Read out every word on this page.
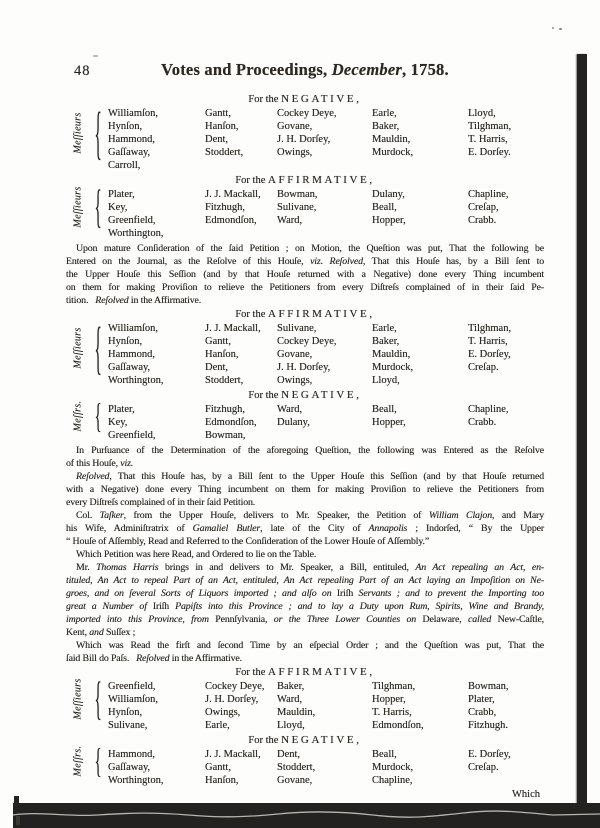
48	Votes and Proceedings, December, 1758.
For the NEGATIVE,
Meſſieurs { Williamſon,	Gantt,	Cockey Deye,	Earle,	Lloyd,
Hynſon,	Hanſon,	Govane,	Baker,	Tilghman,
Hammond,	Dent,	J. H. Dorſey,	Mauldin,	T. Harris,
Gaſſaway,	Stoddert,	Owings,	Murdock,	E. Dorſey.
Carroll,
For the AFFIRMATIVE,
Meſſieurs { Plater,	J. J. Mackall,	Bowman,	Dulany,	Chapline,
Key,	Fitzhugh,	Sulivane,	Beall,	Creſap,
Greenfield,	Edmondſon,	Ward,	Hopper,	Crabb.
Worthington,
Upon mature Conſideration of the ſaid Petition ; on Motion, the Queſtion was put, That the following be
Entered on the Journal, as the Reſolve of this Houſe, viz. Reſolved, That this Houſe has, by a Bill ſent to
the Upper Houſe this Seſſion (and by that Houſe returned with a Negative) done every Thing incumbent
on them for making Proviſion to relieve the Petitioners from every Diſtreſs complained of in their ſaid Pe-
tition.   Reſolved in the Affirmative.
For the AFFIRMATIVE,
Meſſieurs { Williamſon,	J. J. Mackall,	Sulivane,	Earle,	Tilghman,
Hynſon,	Gantt,	Cockey Deye,	Baker,	T. Harris,
Hammond,	Hanſon,	Govane,	Mauldin,	E. Dorſey,
Gaſſaway,	Dent,	J. H. Dorſey,	Murdock,	Creſap.
Worthington,	Stoddert,	Owings,	Lloyd,
For the NEGATIVE,
Meſſrs. { Plater,	Fitzhugh,	Ward,	Beall,	Chapline,
Key,	Edmondſon,	Dulany,	Hopper,	Crabb.
Greenfield,	Bowman,
In Purſuance of the Determination of the aforegoing Queſtion, the following was Entered as the Reſolve
of this Houſe, viz.
Reſolved, That this Houſe has, by a Bill ſent to the Upper Houſe this Seſſion (and by that Houſe returned
with a Negative) done every Thing incumbent on them for making Proviſion to relieve the Petitioners from
every Diſtreſs complained of in their ſaid Petition.
Col. Taſker, from the Upper Houſe, delivers to Mr. Speaker, the Petition of William Clajon, and Mary
his Wife, Adminiſtratrix of Gamaliel Butler, late of the City of Annapolis ; Indorſed, “ By the Upper
“ Houſe of Aſſembly, Read and Referred to the Conſideration of the Lower Houſe of Aſſembly.”
Which Petition was here Read, and Ordered to lie on the Table.
Mr. Thomas Harris brings in and delivers to Mr. Speaker, a Bill, entituled, An Act repealing an Act, en-
tituled, An Act to repeal Part of an Act, entituled, An Act repealing Part of an Act laying an Impoſition on Ne-
groes, and on ſeveral Sorts of Liquors imported ; and alſo on Iriſh Servants ; and to prevent the Importing too
great a Number of Iriſh Papiſts into this Province ; and to lay a Duty upon Rum, Spirits, Wine and Brandy,
imported into this Province, from Pennſylvania, or the Three Lower Counties on Delaware, called New-Caſtle,
Kent, and Suſſex ;
Which was Read the firſt and ſecond Time by an eſpecial Order ; and the Queſtion was put, That the
ſaid Bill do Paſs.   Reſolved in the Affirmative.
For the AFFIRMATIVE,
Meſſieurs { Greenfield,	Cockey Deye,	Baker,	Tilghman,	Bowman,
Williamſon,	J. H. Dorſey,	Ward,	Hopper,	Plater,
Hynſon,	Owings,	Mauldin,	T. Harris,	Crabb,
Sulivane,	Earle,	Lloyd,	Edmondſon,	Fitzhugh.
For the NEGATIVE,
Meſſrs. { Hammond,	J. J. Mackall,	Dent,	Beall,	E. Dorſey,
Gaſſaway,	Gantt,	Stoddert,	Murdock,	Creſap.
Worthington,	Hanſon,	Govane,	Chapline,
Which
